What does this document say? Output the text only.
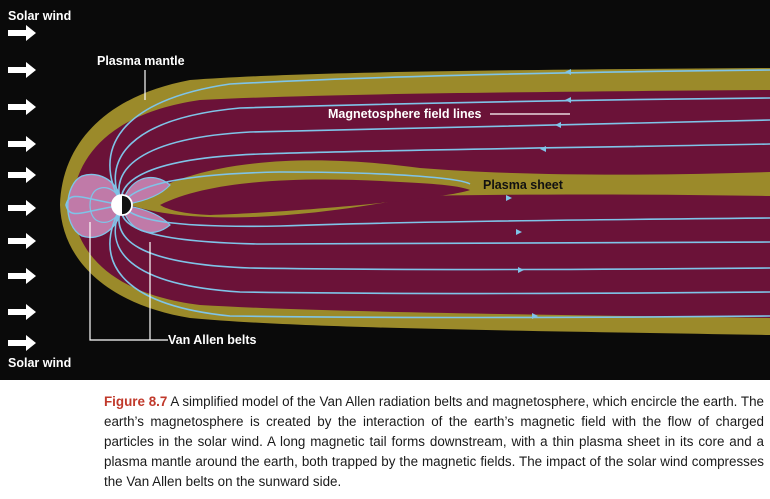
Solar wind
Solar wind
Plasma mantle
Magnetosphere field lines
Plasma sheet
Van Allen belts

Figure 8.7 A simplified model of the Van Allen radiation belts and magnetosphere, which encircle the earth. The earth’s magnetosphere is created by the interaction of the earth’s magnetic field with the flow of charged particles in the solar wind. A long magnetic tail forms downstream, with a thin plasma sheet in its core and a plasma mantle around the earth, both trapped by the magnetic fields. The impact of the solar wind compresses the Van Allen belts on the sunward side.
